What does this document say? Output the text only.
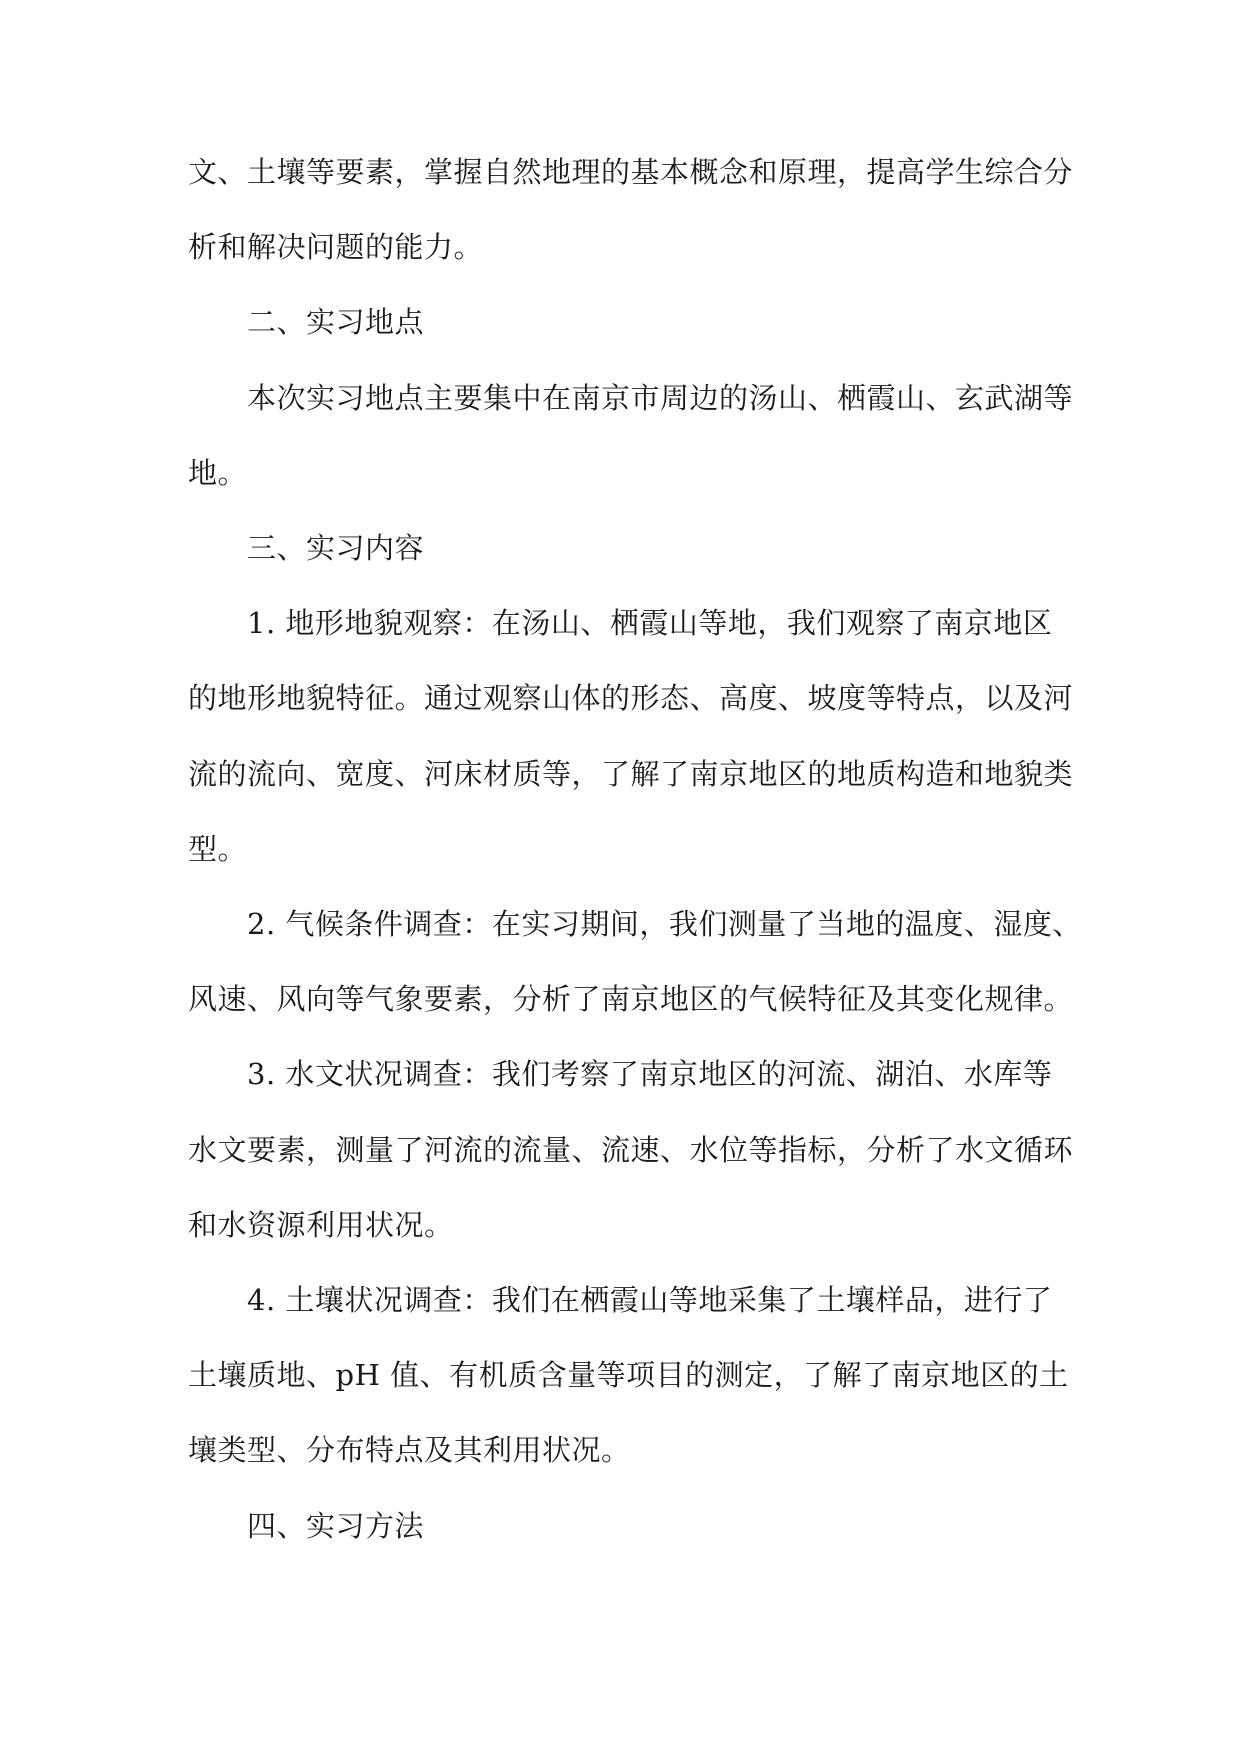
文、土壤等要素，掌握自然地理的基本概念和原理，提高学生综合分
析和解决问题的能力。
二、实习地点
本次实习地点主要集中在南京市周边的汤山、栖霞山、玄武湖等
地。
三、实习内容
1. 地形地貌观察：在汤山、栖霞山等地，我们观察了南京地区
的地形地貌特征。通过观察山体的形态、高度、坡度等特点，以及河
流的流向、宽度、河床材质等，了解了南京地区的地质构造和地貌类
型。
2. 气候条件调查：在实习期间，我们测量了当地的温度、湿度、
风速、风向等气象要素，分析了南京地区的气候特征及其变化规律。
3. 水文状况调查：我们考察了南京地区的河流、湖泊、水库等
水文要素，测量了河流的流量、流速、水位等指标，分析了水文循环
和水资源利用状况。
4. 土壤状况调查：我们在栖霞山等地采集了土壤样品，进行了
土壤质地、pH 值、有机质含量等项目的测定，了解了南京地区的土
壤类型、分布特点及其利用状况。
四、实习方法
